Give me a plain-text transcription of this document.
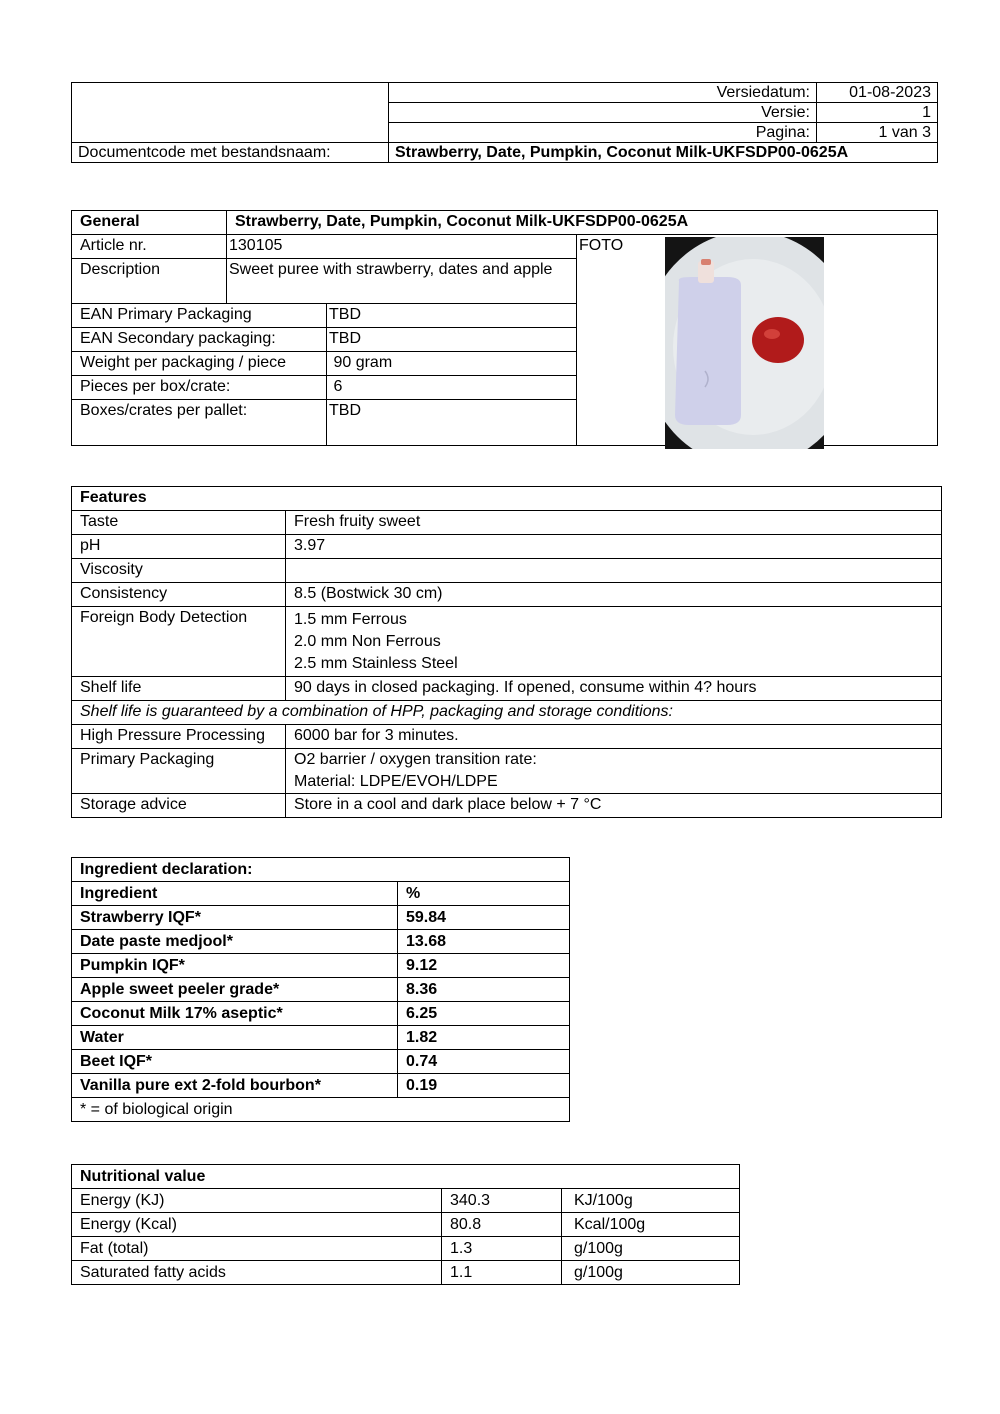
	Versiedatum:	01-08-2023
	Versie:	1
	Pagina:	1 van 3
Documentcode met bestandsnaam:	Strawberry, Date, Pumpkin, Coconut Milk-UKFSDP00-0625A	
General	Strawberry, Date, Pumpkin, Coconut Milk-UKFSDP00-0625A		
Article nr.	130105		FOTO
Description	Sweet puree with strawberry, dates and apple		
EAN Primary Packaging		TBD	
EAN Secondary packaging:		TBD	
Weight per packaging / piece		90 gram	
Pieces per box/crate:		6	
Boxes/crates per pallet:		TBD	
Features	
Taste	Fresh fruity sweet
pH	3.97
Viscosity	
Consistency	8.5 (Bostwick 30 cm)
Foreign Body Detection	1.5 mm Ferrous
2.0 mm Non Ferrous
2.5 mm Stainless Steel

Shelf life	90 days in closed packaging. If opened, consume within 4? hours
Shelf life is guaranteed by a combination of HPP, packaging and storage conditions:	
High Pressure Processing	6000 bar for 3 minutes.
Primary Packaging	O2 barrier / oxygen transition rate:
Material: LDPE/EVOH/LDPE

Storage advice	Store in a cool and dark place below + 7 °C
Ingredient declaration:	
Ingredient	%
Strawberry IQF*	59.84
Date paste medjool*	13.68
Pumpkin IQF*	9.12
Apple sweet peeler grade*	8.36
Coconut Milk 17% aseptic*	6.25
Water	1.82
Beet IQF*	0.74
Vanilla pure ext 2-fold bourbon*	0.19
* = of biological origin	
Nutritional value		
Energy (KJ)	340.3	KJ/100g
Energy (Kcal)	80.8	Kcal/100g
Fat (total)	1.3	g/100g
Saturated fatty acids	1.1	g/100g
